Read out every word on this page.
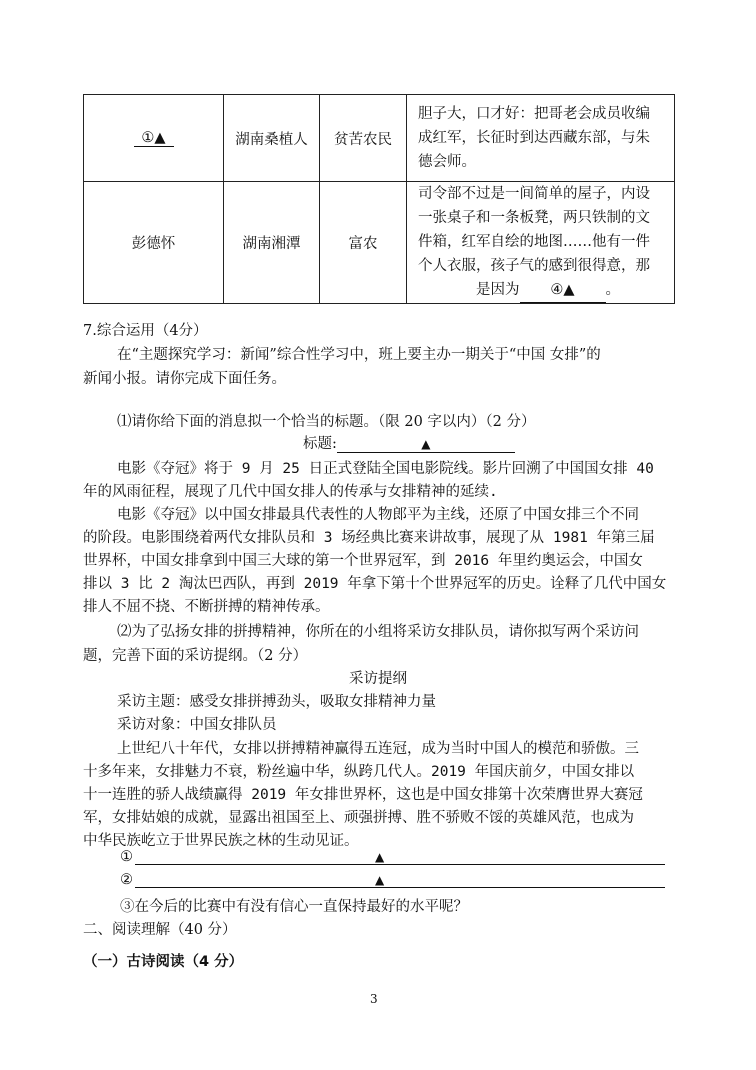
①▲	湖南桑植人	贫苦农民	胆子大，口才好：把哥老会成员收编
成红军，长征时到达西藏东部，与朱
德会师。

彭德怀	湖南湘潭	富农	司令部不过是一间简单的屋子，内设
一张桌子和一条板凳，两只铁制的文
件箱，红军自绘的地图……他有一件
个人衣服，孩子气的感到很得意，那
是因为 ④▲ 。
7.综合运用（4分）
在“主题探究学习：新闻”综合性学习中，班上要主办一期关于“中国 女排”的
新闻小报。请你完成下面任务。
⑴请你给下面的消息拟一个恰当的标题。（限 20 字以内）（2 分）
标题:	▲
电影《夺冠》将于 9 月 25 日正式登陆全国电影院线。影片回溯了中国国女排 40
年的风雨征程，展现了几代中国女排人的传承与女排精神的延续.
电影《夺冠》以中国女排最具代表性的人物郎平为主线，还原了中国女排三个不同
的阶段。电影围绕着两代女排队员和 3 场经典比赛来讲故事，展现了从 1981 年第三届
世界杯，中国女排拿到中国三大球的第一个世界冠军，到 2016 年里约奥运会，中国女
排以 3 比 2 淘汰巴西队，再到 2019 年拿下第十个世界冠军的历史。诠释了几代中国女
排人不屈不挠、不断拼搏的精神传承。
⑵为了弘扬女排的拼搏精神，你所在的小组将采访女排队员，请你拟写两个采访问
题，完善下面的采访提纲。（2 分）
采访提纲
采访主题：感受女排拼搏劲头，吸取女排精神力量
采访对象：中国女排队员
上世纪八十年代，女排以拼搏精神赢得五连冠，成为当时中国人的模范和骄傲。三
十多年来，女排魅力不衰，粉丝遍中华，纵跨几代人。2019 年国庆前夕，中国女排以
十一连胜的骄人战绩赢得 2019 年女排世界杯，这也是中国女排第十次荣膺世界大赛冠
军，女排姑娘的成就，显露出祖国至上、顽强拼搏、胜不骄败不馁的英雄风范，也成为
中华民族屹立于世界民族之林的生动见证。
①	▲
②	▲
③在今后的比赛中有没有信心一直保持最好的水平呢？
二、阅读理解（40 分）
（一）古诗阅读（4 分）
3
